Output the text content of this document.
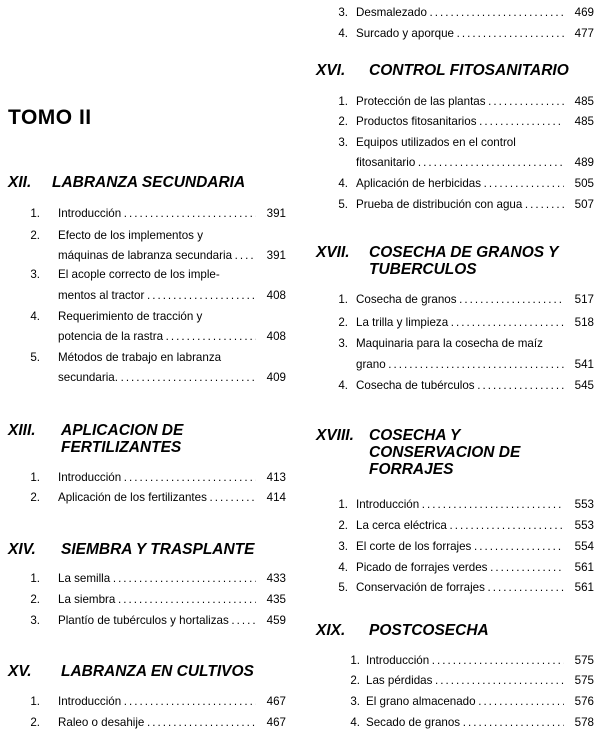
TOMO II
XII. LABRANZA SECUNDARIA
1. Introducción . . .	391
2. Efecto de los implementos y
máquinas de labranza secundaria . . .	391
3. El acople correcto de los imple-
mentos al tractor . . .	408
4. Requerimiento de tracción y
potencia de la rastra . . .	408
5. Métodos de trabajo en labranza
secundaria. . . .	409
XIII. APLICACION DE FERTILIZANTES
1. Introducción . . .	413
2. Aplicación de los fertilizantes . . .	414
XIV. SIEMBRA Y TRASPLANTE
1. La semilla . . .	433
2. La siembra . . .	435
3. Plantío de tubérculos y hortalizas . . .	459
XV. LABRANZA EN CULTIVOS
1. Introducción . . .	467
2. Raleo o desahije . . .	467
3. Desmalezado . . .	469
4. Surcado y aporque . . .	477
XVI. CONTROL FITOSANITARIO
1. Protección de las plantas . . .	485
2. Productos fitosanitarios . . .	485
3. Equipos utilizados en el control
fitosanitario . . .	489
4. Aplicación de herbicidas . . .	505
5. Prueba de distribución con agua . . .	507
XVII. COSECHA DE GRANOS Y TUBERCULOS
1. Cosecha de granos . . .	517
2. La trilla y limpieza . . .	518
3. Maquinaria para la cosecha de maíz
grano . . .	541
4. Cosecha de tubérculos . . .	545
XVIII. COSECHA Y CONSERVACION DE FORRAJES
1. Introducción . . .	553
2. La cerca eléctrica . . .	553
3. El corte de los forrajes . . .	554
4. Picado de forrajes verdes . . .	561
5. Conservación de forrajes . . .	561
XIX. POSTCOSECHA
1. Introducción . . .	575
2. Las pérdidas . . .	575
3. El grano almacenado . . .	576
4. Secado de granos . . .	578
